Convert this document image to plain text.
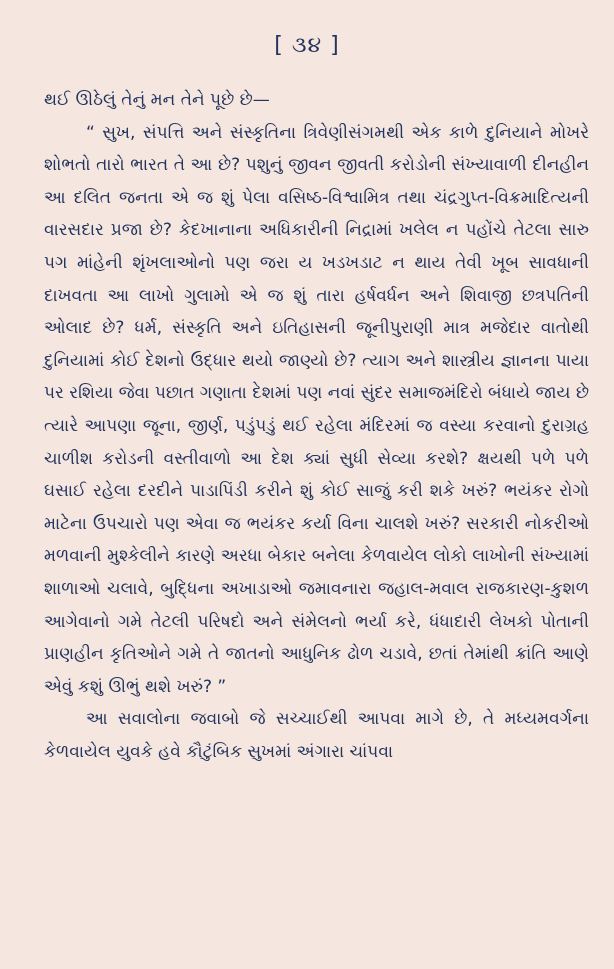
[ ૩૪ ]

થઈ ઊઠેલું તેનું મન તેને પૂછે છે—

“ સુખ, સંપત્તિ અને સંસ્કૃતિના ત્રિવેણીસંગમથી એક કાળે દુનિયાને મોખરે શોભતો તારો ભારત તે આ છે? પશુનું જીવન જીવતી કરોડોની સંખ્યાવાળી દીનહીન આ દલિત જનતા એ જ શું પેલા વસિષ્ઠ-વિશ્વામિત્ર તથા ચંદ્રગુપ્ત-વિક્રમાદિત્યની વારસદાર પ્રજા છે? કેદખાનાના અધિકારીની નિદ્રામાં ખલેલ ન પહોંચે તેટલા સારુ પગ માંહેની શૃંખલાઓનો પણ જરા ય ખડખડાટ ન થાય તેવી ખૂબ સાવધાની દાખવતા આ લાખો ગુલામો એ જ શું તારા હર્ષવર્ધન અને શિવાજી છત્રપતિની ઓલાદ છે? ધર્મ, સંસ્કૃતિ અને ઇતિહાસની જૂનીપુરાણી માત્ર મજેદાર વાતોથી દુનિયામાં કોઈ દેશનો ઉદ્ધાર થયો જાણ્યો છે? ત્યાગ અને શાસ્ત્રીય જ્ઞાનના પાયા પર રશિયા જેવા પછાત ગણાતા દેશમાં પણ નવાં સુંદર સમાજમંદિરો બંધાયે જાય છે ત્યારે આપણા જૂના, જીર્ણ, પડુંપડું થઈ રહેલા મંદિરમાં જ વસ્યા કરવાનો દુરાગ્રહ ચાળીશ કરોડની વસ્તીવાળો આ દેશ ક્યાં સુધી સેવ્યા કરશે? ક્ષયથી પળે પળે ઘસાઈ રહેલા દરદીને પાડાપિંડી કરીને શું કોઈ સાજું કરી શકે ખરું? ભયંકર રોગો માટેના ઉપચારો પણ એવા જ ભયંકર કર્યા વિના ચાલશે ખરું? સરકારી નોકરીઓ મળવાની મુશ્કેલીને કારણે અરધા બેકાર બનેલા કેળવાયેલ લોકો લાખોની સંખ્યામાં શાળાઓ ચલાવે, બુદ્ધિના અખાડાઓ જમાવનારા જહાલ-મવાલ રાજકારણ-કુશળ આગેવાનો ગમે તેટલી પરિષદો અને સંમેલનો ભર્યા કરે, ધંધાદારી લેખકો પોતાની પ્રાણહીન કૃતિઓને ગમે તે જાતનો આધુનિક ઢોળ ચડાવે, છતાં તેમાંથી ક્રાંતિ આણે એવું કશું ઊભું થશે ખરું? ”

આ સવાલોના જવાબો જે સચ્ચાઈથી આપવા માગે છે, તે મધ્યમવર્ગના કેળવાયેલ યુવકે હવે કૌટુંબિક સુખમાં અંગારા ચાંપવા
